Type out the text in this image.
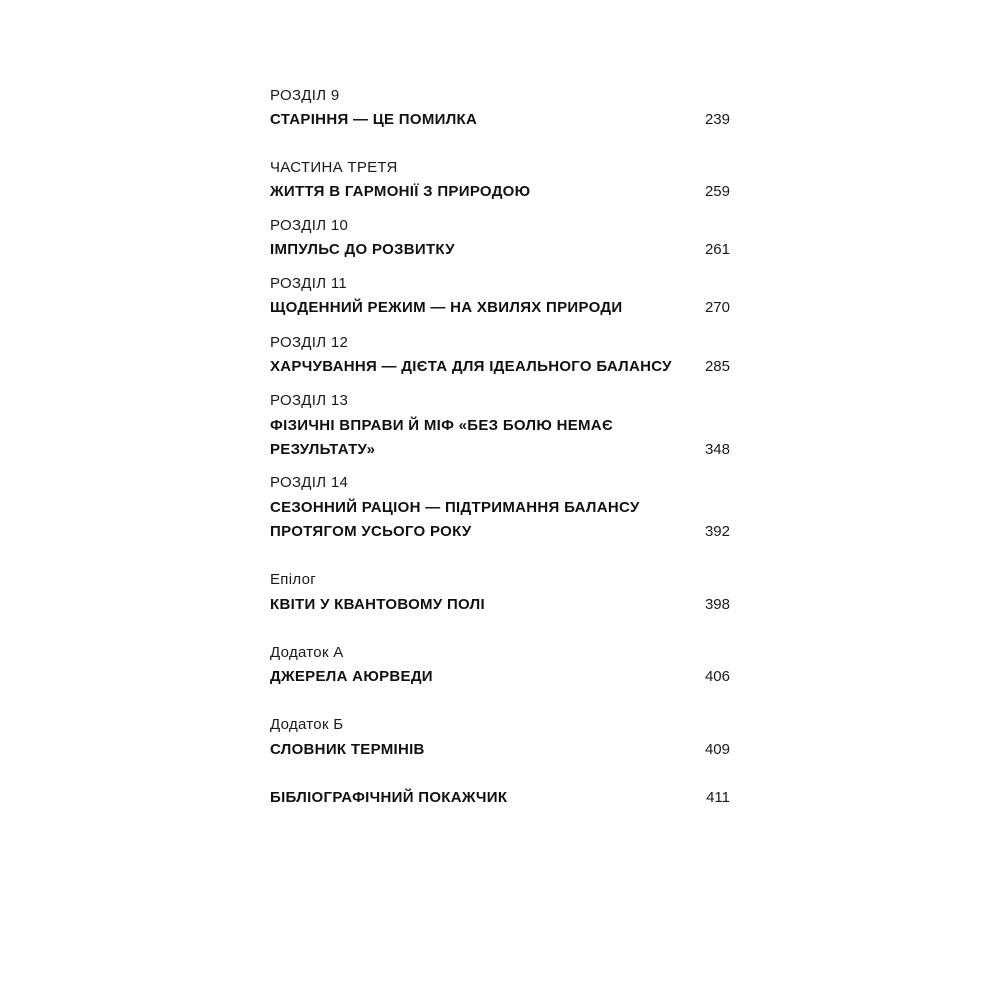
РОЗДІЛ 9
СТАРІННЯ — ЦЕ ПОМИЛКА	239
ЧАСТИНА ТРЕТЯ
ЖИТТЯ В ГАРМОНІЇ З ПРИРОДОЮ	259
РОЗДІЛ 10
ІМПУЛЬС ДО РОЗВИТКУ	261
РОЗДІЛ 11
ЩОДЕННИЙ РЕЖИМ — НА ХВИЛЯХ ПРИРОДИ	270
РОЗДІЛ 12
ХАРЧУВАННЯ — ДІЄТА ДЛЯ ІДЕАЛЬНОГО БАЛАНСУ 285
РОЗДІЛ 13
ФІЗИЧНІ ВПРАВИ Й МІФ «БЕЗ БОЛЮ НЕМАЄ
РЕЗУЛЬТАТУ»	348
РОЗДІЛ 14
СЕЗОННИЙ РАЦІОН — ПІДТРИМАННЯ БАЛАНСУ
ПРОТЯГОМ УСЬОГО РОКУ	392
Епілог
КВІТИ У КВАНТОВОМУ ПОЛІ	398
Додаток А
ДЖЕРЕЛА АЮРВЕДИ	406
Додаток Б
СЛОВНИК ТЕРМІНІВ	409
БІБЛІОГРАФІЧНИЙ ПОКАЖЧИК	411
